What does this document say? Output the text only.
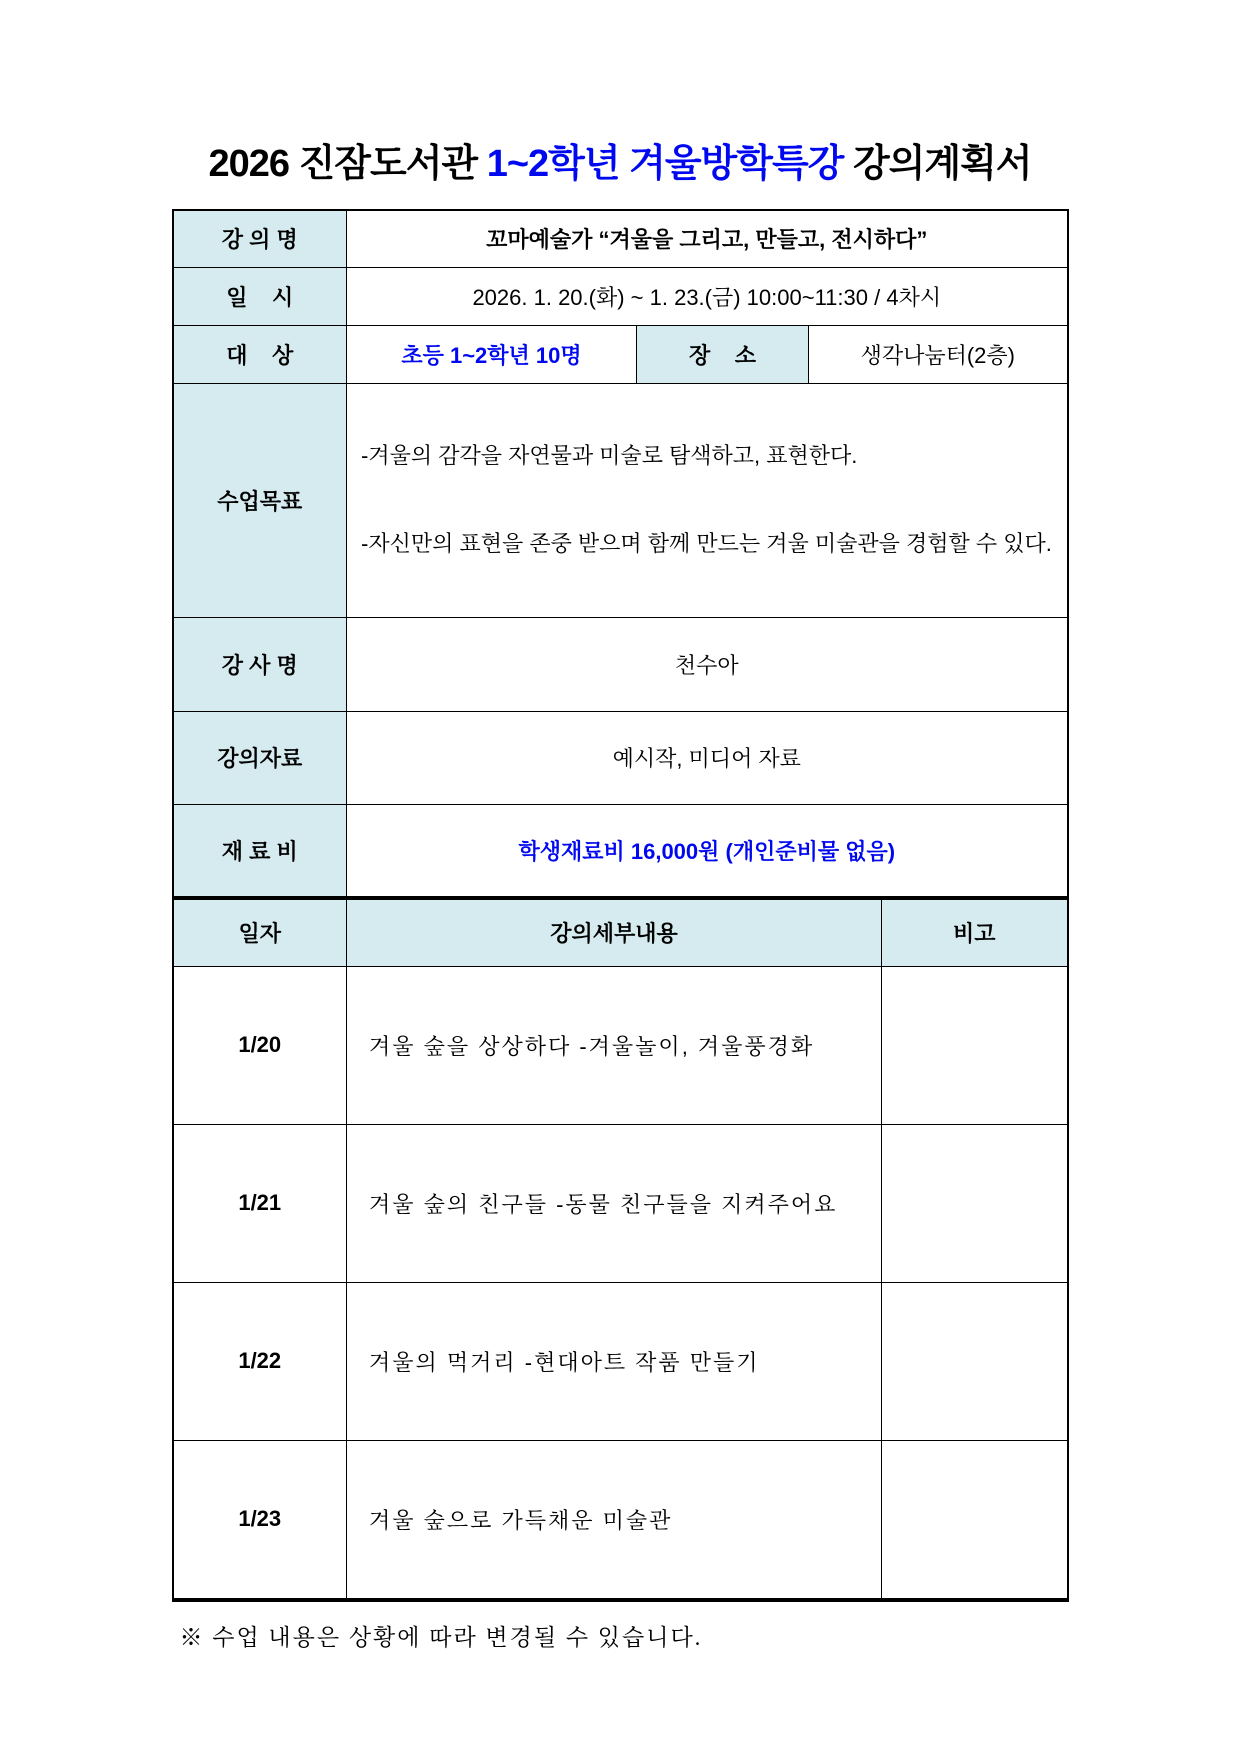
2026 진잠도서관 1~2학년 겨울방학특강 강의계획서
강 의 명	꼬마예술가 “겨울을 그리고, 만들고, 전시하다”		
일    시	2026. 1. 20.(화) ~ 1. 23.(금) 10:00~11:30 / 4차시		
대    상	초등 1~2학년 10명	장    소	생각나눔터(2층)
수업목표	-겨울의 감각을 자연물과 미술로 탐색하고, 표현한다.

-자신만의 표현을 존중 받으며 함께 만드는 겨울 미술관을 경험할 수 있다.		

강 사 명	천수아		
강의자료	예시작, 미디어 자료		
재 료 비	학생재료비 16,000원 (개인준비물 없음)		
일자	강의세부내용	비고
1/20	겨울 숲을 상상하다 -겨울놀이, 겨울풍경화	
1/21	겨울 숲의 친구들 -동물 친구들을 지켜주어요	
1/22	겨울의 먹거리 -현대아트 작품 만들기	
1/23	겨울 숲으로 가득채운 미술관	

※ 수업 내용은 상황에 따라 변경될 수 있습니다.
